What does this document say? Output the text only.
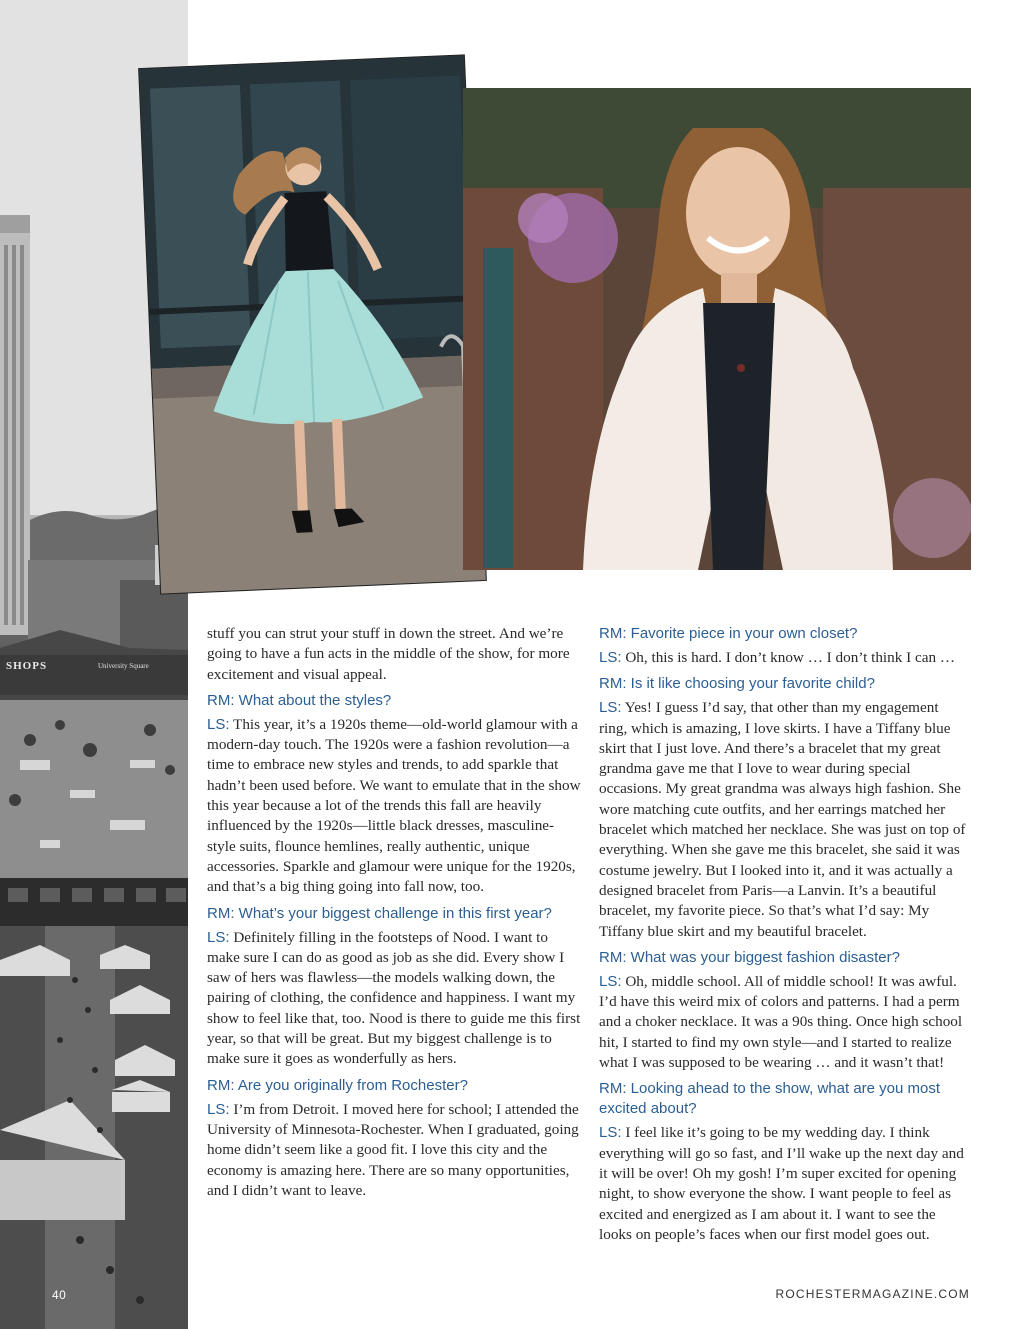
SHOPS	University Square

stuff you can strut your stuff in down the street. And we’re going to have a fun acts in the middle of the show, for more excitement and visual appeal.

RM: What about the styles?

LS: This year, it’s a 1920s theme—old-world glamour with a modern-day touch. The 1920s were a fashion revolution—a time to embrace new styles and trends, to add sparkle that hadn’t been used before. We want to emulate that in the show this year because a lot of the trends this fall are heavily influenced by the 1920s—little black dresses, masculine-style suits, flounce hemlines, really authentic, unique accessories. Sparkle and glamour were unique for the 1920s, and that’s a big thing going into fall now, too.

RM: What’s your biggest challenge in this first year?

LS: Definitely filling in the footsteps of Nood. I want to make sure I can do as good as job as she did. Every show I saw of hers was flawless—the models walking down, the pairing of clothing, the confidence and happiness. I want my show to feel like that, too. Nood is there to guide me this first year, so that will be great. But my biggest challenge is to make sure it goes as wonderfully as hers.

RM: Are you originally from Rochester?

LS: I’m from Detroit. I moved here for school; I attended the University of Minnesota-Rochester. When I graduated, going home didn’t seem like a good fit. I love this city and the economy is amazing here. There are so many opportunities, and I didn’t want to leave.

RM: Favorite piece in your own closet?

LS: Oh, this is hard. I don’t know … I don’t think I can …

RM: Is it like choosing your favorite child?

LS: Yes! I guess I’d say, that other than my engagement ring, which is amazing, I love skirts. I have a Tiffany blue skirt that I just love. And there’s a bracelet that my great grandma gave me that I love to wear during special occasions. My great grandma was always high fashion. She wore matching cute outfits, and her earrings matched her bracelet which matched her necklace. She was just on top of everything. When she gave me this bracelet, she said it was costume jewelry. But I looked into it, and it was actually a designed bracelet from Paris—a Lanvin. It’s a beautiful bracelet, my favorite piece. So that’s what I’d say: My Tiffany blue skirt and my beautiful bracelet.

RM: What was your biggest fashion disaster?

LS: Oh, middle school. All of middle school! It was awful. I’d have this weird mix of colors and patterns. I had a perm and a choker necklace. It was a 90s thing. Once high school hit, I started to find my own style—and I started to realize what I was supposed to be wearing … and it wasn’t that!

RM: Looking ahead to the show, what are you most excited about?

LS: I feel like it’s going to be my wedding day. I think everything will go so fast, and I’ll wake up the next day and it will be over! Oh my gosh! I’m super excited for opening night, to show everyone the show. I want people to feel as excited and energized as I am about it. I want to see the looks on people’s faces when our first model goes out.

40	ROCHESTERMAGAZINE.COM
